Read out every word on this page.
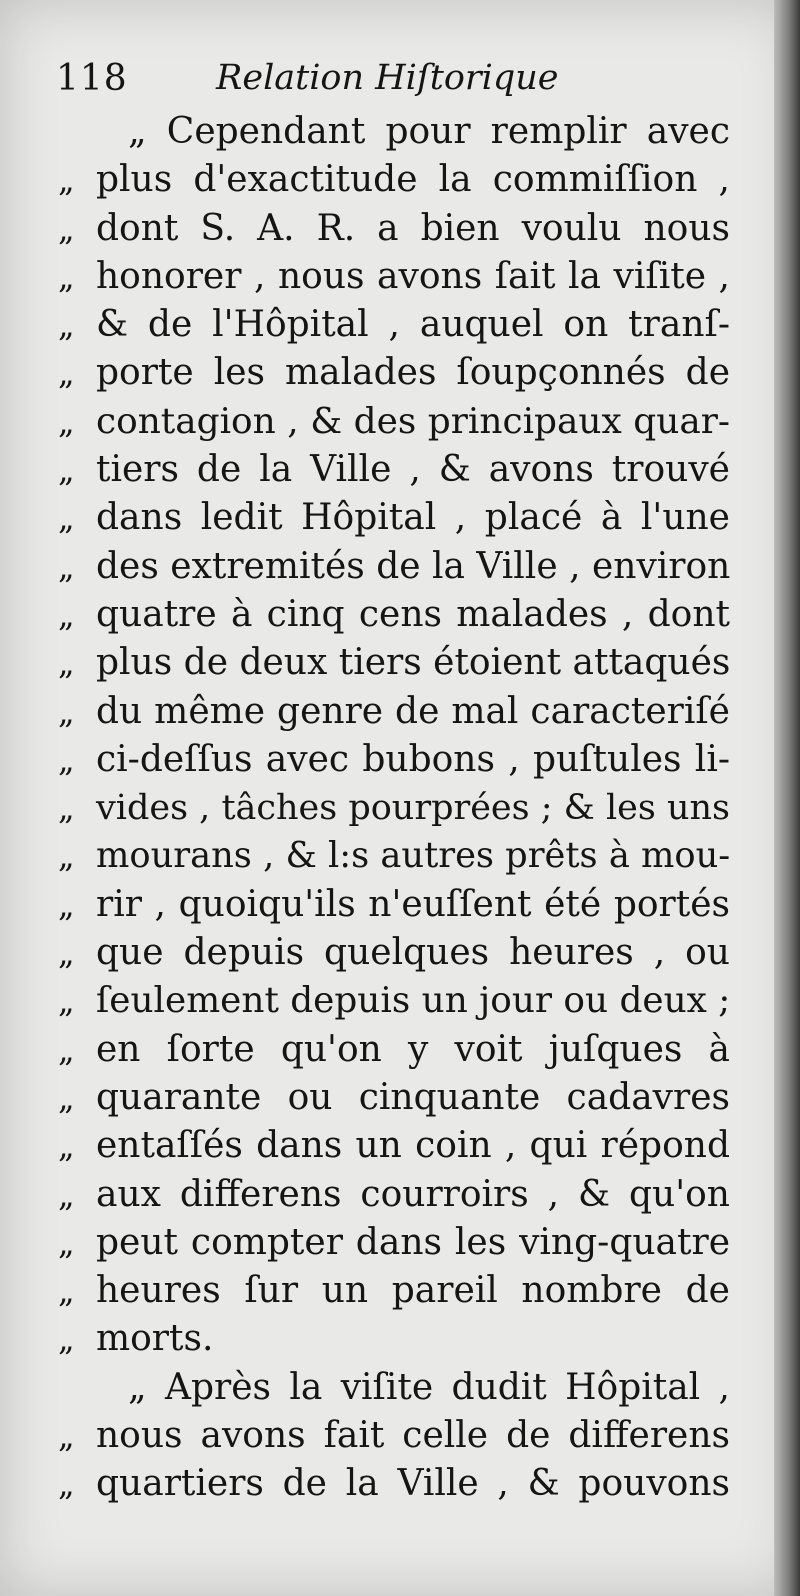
118	Relation Hiſtorique
„ Cependant pour remplir avec
„ plus d'exactitude la commiſſion ,
„ dont S. A. R. a bien voulu nous
„ honorer , nous avons ſait la viſite ,
„ & de l'Hôpital , auquel on tranſ-
„ porte les malades ſoupçonnés de
„ contagion , & des principaux quar-
„ tiers de la Ville , & avons trouvé
„ dans ledit Hôpital , placé à l'une
„ des extremités de la Ville , environ
„ quatre à cinq cens malades , dont
„ plus de deux tiers étoient attaqués
„ du même genre de mal caracteriſé
„ ci-deſſus avec bubons , puſtules li-
„ vides , tâches pourprées ; & les uns
„ mourans , & l:s autres prêts à mou-
„ rir , quoiqu'ils n'euſſent été portés
„ que depuis quelques heures , ou
„ ſeulement depuis un jour ou deux ;
„ en ſorte qu'on y voit juſques à
„ quarante ou cinquante cadavres
„ entaſſés dans un coin , qui répond
„ aux differens courroirs , & qu'on
„ peut compter dans les ving-quatre
„ heures ſur un pareil nombre de
„ morts.
„ Après la viſite dudit Hôpital ,
„ nous avons fait celle de differens
„ quartiers de la Ville , & pouvons
